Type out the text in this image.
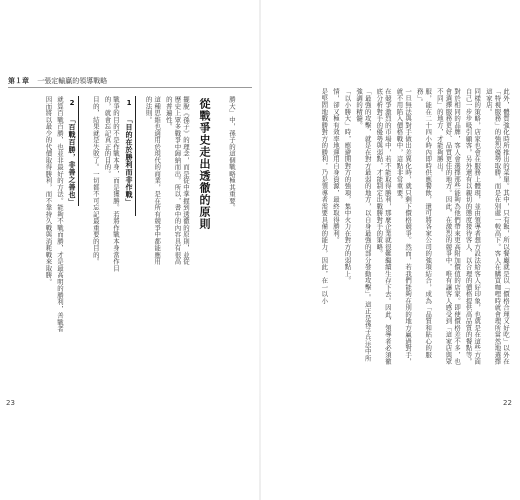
第１章 一張定輸贏的領導戰略

此外，體質強化時所推出的菜單。其中，只有飯，所以餐廳就是以「價格合理又好吃」以外在「特視服務」的強烈優勢取勝，而是在別處一較高下。客人在購買咖哩時就會理所當然地選擇這家店。

同樣的策略，店家也會在服務上體現，並由領導者想方設法給客人好印象，也就是在這些方面自己一步步吸引顧客。另外還有以親切的態度接待客人、以合理的價格提供高品質的餐點等。

對於相同的品牌，客人會選擇那些能夠為他們帶來更高附加價值的店家。即使價格差不多，也會選擇服務更好、品質更佳的地方。因此，在激烈的競爭中，唯有讓客人感受到「這家店與眾不同」的地方，才能夠勝出。

服，能在二十四小時內即時供應餐飲，還可將各家公司的強項結合，成為「品質和貼心的服務」。

一旦無法與對手做出差異化時，就只剩下價格競爭。然而，若我們能夠在別的地方贏過對手，就不用陷入價格戰中，這點非常重要。

在競爭激烈的市場中，若不能取得勝利，那麼企業就很難繼續生存下去。因此，領導者必須徹底分析對手的優勢與弱點，才能制定出戰勝對手的策略。

「最強的攻擊，就是在對方最弱的地方，以自身最強的部分發動攻擊」。這正是孫子兵法中所強調的精髓。

「以小勝大」時，應避開對方的強項，集中火力在對方的弱點上。

情，卻又極有效率地運用自身資源，最終取得勝利。

是堅固地戰勝對方的勝利，乃是領導者需要具備的能力，因此，在一以小

勝大」中，孫子的這個戰略極其重要。

從戰爭史走出透徹的原則

擺脫《孫子》的理念，而是從中掌握到透徹的原則，並從歷史上眾多戰爭中歸納而出。所以，書中的內容具有很高的普遍性。

這種思維也適用於現代的商業，是在所有競爭中都能應用的法則。

1 「目的在於勝利而非作戰」

戰爭的目的不是作戰本身，而是獲勝。若將作戰本身當作目的，就會忘記真正的目的。

目的，結果就是失敗了。一切都不可忘記最重要的目的。

2 「百戰百勝，非善之善也」

就算百戰百勝，也並非最好的方法。能夠不戰而勝，才是最高明的勝利，善戰者

因而將以最少的代價取得勝利，而不靠持久戰與消耗戰來取勝。

23	22
